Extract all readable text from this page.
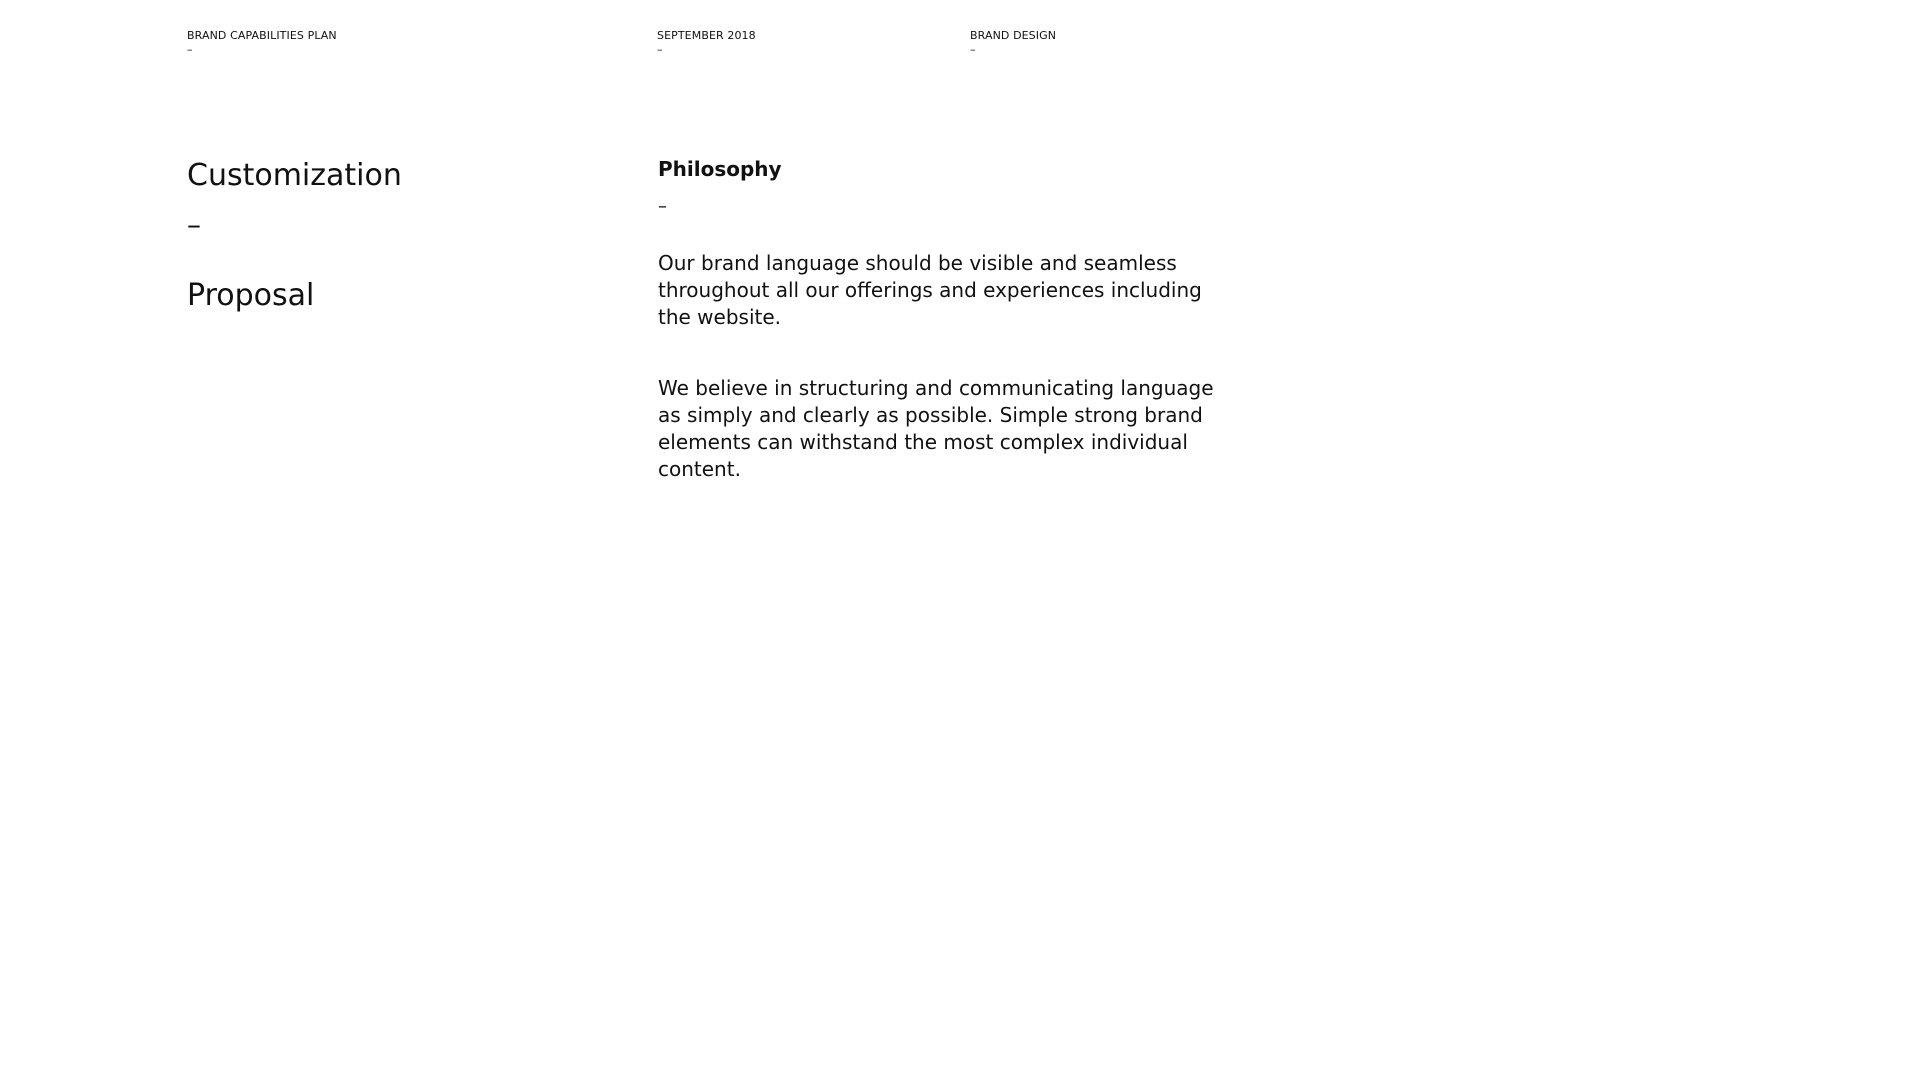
BRAND CAPABILITIES PLAN
–
SEPTEMBER 2018
–
BRAND DESIGN
–
Customization
–
Proposal
Philosophy
–

Our brand language should be visible and seamless throughout all our offerings and experiences including the website.

We believe in structuring and communicating language as simply and clearly as possible. Simple strong brand elements can withstand the most complex individual content.
